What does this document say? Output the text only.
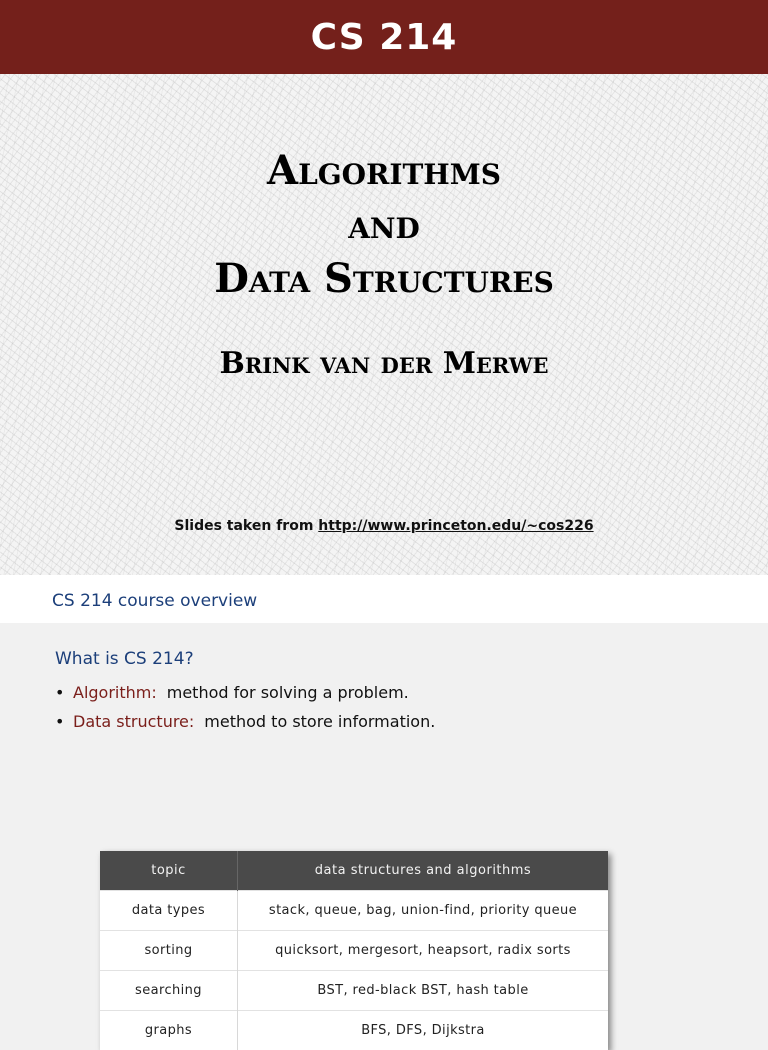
CS 214
Algorithms
and
Data Structures
Brink van der Merwe
Slides taken from http://www.princeton.edu/~cos226
CS 214 course overview
What is CS 214?
• Algorithm: method for solving a problem.
• Data structure: method to store information.
topic	data structures and algorithms
data types	stack, queue, bag, union-find, priority queue
sorting	quicksort, mergesort, heapsort, radix sorts
searching	BST, red-black BST, hash table
graphs	BFS, DFS, Dijkstra
